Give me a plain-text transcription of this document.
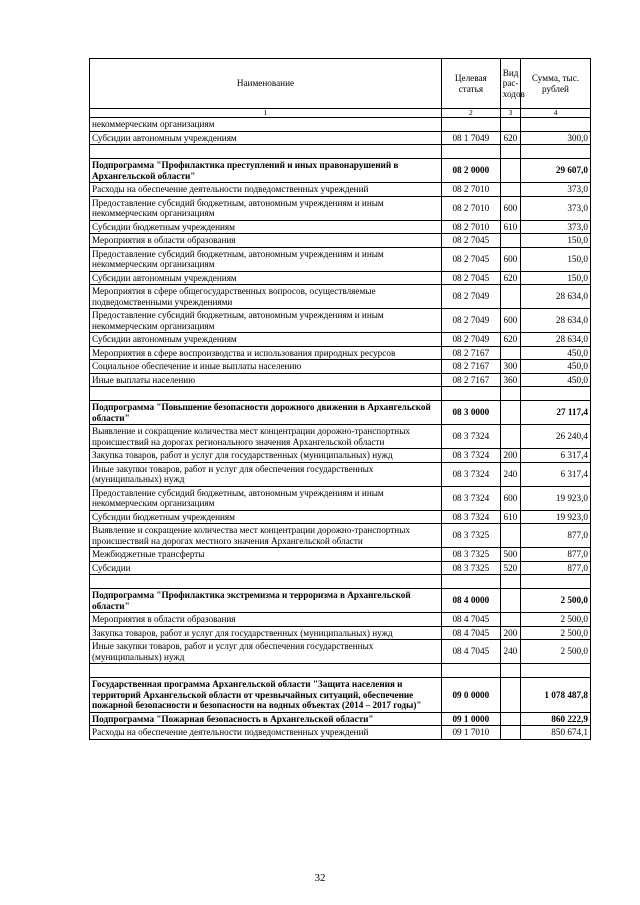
Наименование	Целевая статья	Вид рас-ходов	Сумма, тыс. рублей
1	2	3	4
некоммерческим организациям			
Субсидии автономным учреждениям	08 1 7049	620	300,0

Подпрограмма "Профилактика преступлений и иных правонарушений в Архангельской области"	08 2 0000		29 607,0
Расходы на обеспечение деятельности подведомственных учреждений	08 2 7010		373,0
Предоставление субсидий бюджетным, автономным учреждениям и иным некоммерческим организациям	08 2 7010	600	373,0
Субсидии бюджетным учреждениям	08 2 7010	610	373,0
Мероприятия в области образования	08 2 7045		150,0
Предоставление субсидий бюджетным, автономным учреждениям и иным некоммерческим организациям	08 2 7045	600	150,0
Субсидии автономным учреждениям	08 2 7045	620	150,0
Мероприятия в сфере общегосударственных вопросов, осуществляемые подведомственными учреждениями	08 2 7049		28 634,0
Предоставление субсидий бюджетным, автономным учреждениям и иным некоммерческим организациям	08 2 7049	600	28 634,0
Субсидии автономным учреждениям	08 2 7049	620	28 634,0
Мероприятия в сфере воспроизводства и использования природных ресурсов	08 2 7167		450,0
Социальное обеспечение и иные выплаты населению	08 2 7167	300	450,0
Иные выплаты населению	08 2 7167	360	450,0

Подпрограмма "Повышение безопасности дорожного движения в Архангельской области"	08 3 0000		27 117,4
Выявление и сокращение количества мест концентрации дорожно-транспортных происшествий на дорогах регионального значения Архангельской области	08 3 7324		26 240,4
Закупка товаров, работ и услуг для государственных (муниципальных) нужд	08 3 7324	200	6 317,4
Иные закупки товаров, работ и услуг для обеспечения государственных (муниципальных) нужд	08 3 7324	240	6 317,4
Предоставление субсидий бюджетным, автономным учреждениям и иным некоммерческим организациям	08 3 7324	600	19 923,0
Субсидии бюджетным учреждениям	08 3 7324	610	19 923,0
Выявление и сокращение количества мест концентрации дорожно-транспортных происшествий на дорогах местного значения Архангельской области	08 3 7325		877,0
Межбюджетные трансферты	08 3 7325	500	877,0
Субсидии	08 3 7325	520	877,0

Подпрограмма "Профилактика экстремизма и терроризма в Архангельской области"	08 4 0000		2 500,0
Мероприятия в области образования	08 4 7045		2 500,0
Закупка товаров, работ и услуг для государственных (муниципальных) нужд	08 4 7045	200	2 500,0
Иные закупки товаров, работ и услуг для обеспечения государственных (муниципальных) нужд	08 4 7045	240	2 500,0

Государственная программа Архангельской области "Защита населения и территорий Архангельской области от чрезвычайных ситуаций, обеспечение пожарной безопасности и безопасности на водных объектах (2014 – 2017 годы)"	09 0 0000		1 078 487,8
Подпрограмма "Пожарная безопасность в Архангельской области"	09 1 0000		860 222,9
Расходы на обеспечение деятельности подведомственных учреждений	09 1 7010		850 674,1
32
